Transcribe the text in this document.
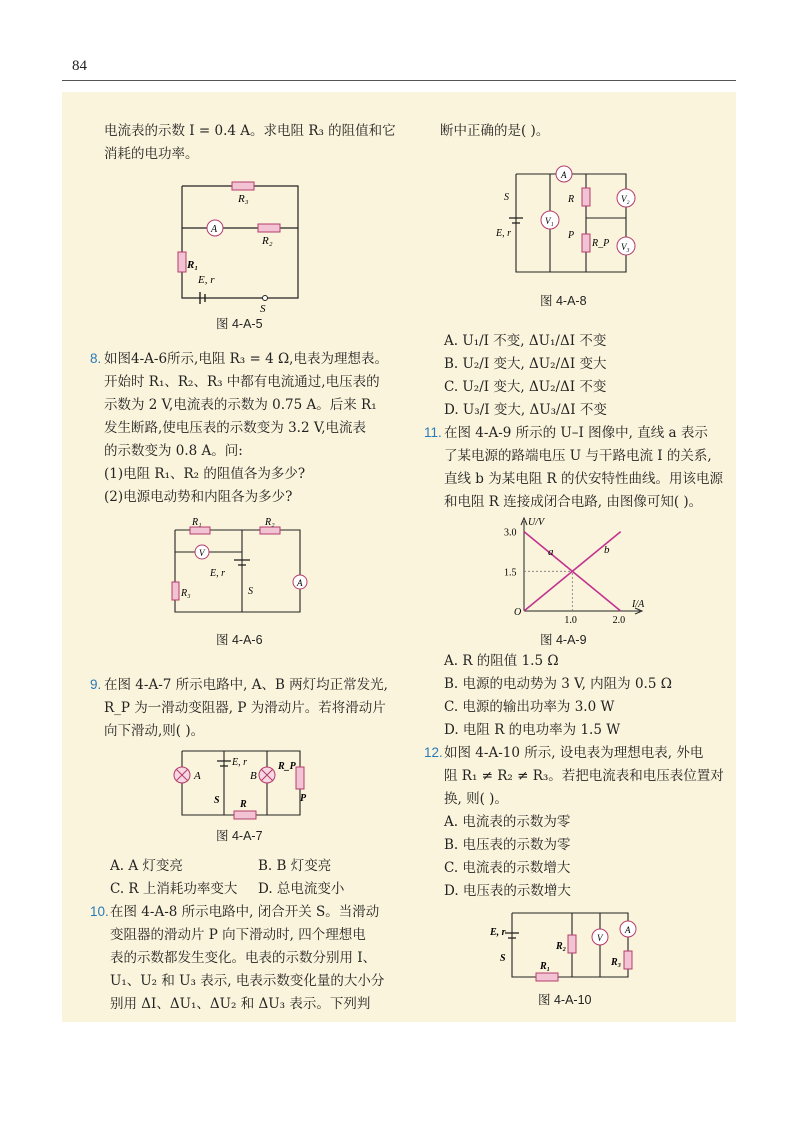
84
电流表的示数 I = 0.4 A。求电阻 R₃ 的阻值和它
消耗的电功率。
R₃
A
R₂
R₁
E, r
S
图 4-A-5
8. 如图4-A-6所示,电阻 R₃ = 4 Ω,电表为理想表。
开始时 R₁、R₂、R₃ 中都有电流通过,电压表的
示数为 2 V,电流表的示数为 0.75 A。后来 R₁
发生断路,使电压表的示数变为 3.2 V,电流表
的示数变为 0.8 A。问:
(1)电阻 R₁、R₂ 的阻值各为多少?
(2)电源电动势和内阻各为多少?
R₁	R₂
V
E, r
S
A
R₃
图 4-A-6
9. 在图 4-A-7 所示电路中, A、B 两灯均正常发光,
R_P 为一滑动变阻器, P 为滑动片。若将滑动片
向下滑动,则( )。
A
E, r
S
B
R
R_P
P
图 4-A-7
A. A 灯变亮	B. B 灯变亮
C. R 上消耗功率变大 D. 总电流变小
10. 在图 4-A-8 所示电路中, 闭合开关 S。当滑动
变阻器的滑动片 P 向下滑动时, 四个理想电
表的示数都发生变化。电表的示数分别用 I、
U₁、U₂ 和 U₃ 表示, 电表示数变化量的大小分
别用 ΔI、ΔU₁、ΔU₂ 和 ΔU₃ 表示。下列判
断中正确的是( )。
S
E, r
A
V₁
R	V₂
P
R_P V₃
图 4-A-8
A. U₁/I 不变, ΔU₁/ΔI 不变
B. U₂/I 变大, ΔU₂/ΔI 变大
C. U₂/I 变大, ΔU₂/ΔI 不变
D. U₃/I 变大, ΔU₃/ΔI 不变
11. 在图 4-A-9 所示的 U–I 图像中, 直线 a 表示
了某电源的路端电压 U 与干路电流 I 的关系,
直线 b 为某电阻 R 的伏安特性曲线。用该电源
和电阻 R 连接成闭合电路, 由图像可知( )。
U/V
I/A
O
1.5
3.0
1.0	2.0
a	b
图 4-A-9
A. R 的阻值 1.5 Ω
B. 电源的电动势为 3 V, 内阻为 0.5 Ω
C. 电源的输出功率为 3.0 W
D. 电阻 R 的电功率为 1.5 W
12. 如图 4-A-10 所示, 设电表为理想电表, 外电
阻 R₁ ≠ R₂ ≠ R₃。若把电流表和电压表位置对
换, 则( )。
A. 电流表的示数为零
B. 电压表的示数为零
C. 电流表的示数增大
D. 电压表的示数增大
E, r
S
R₂
V
A
R₁	R₃
图 4-A-10
